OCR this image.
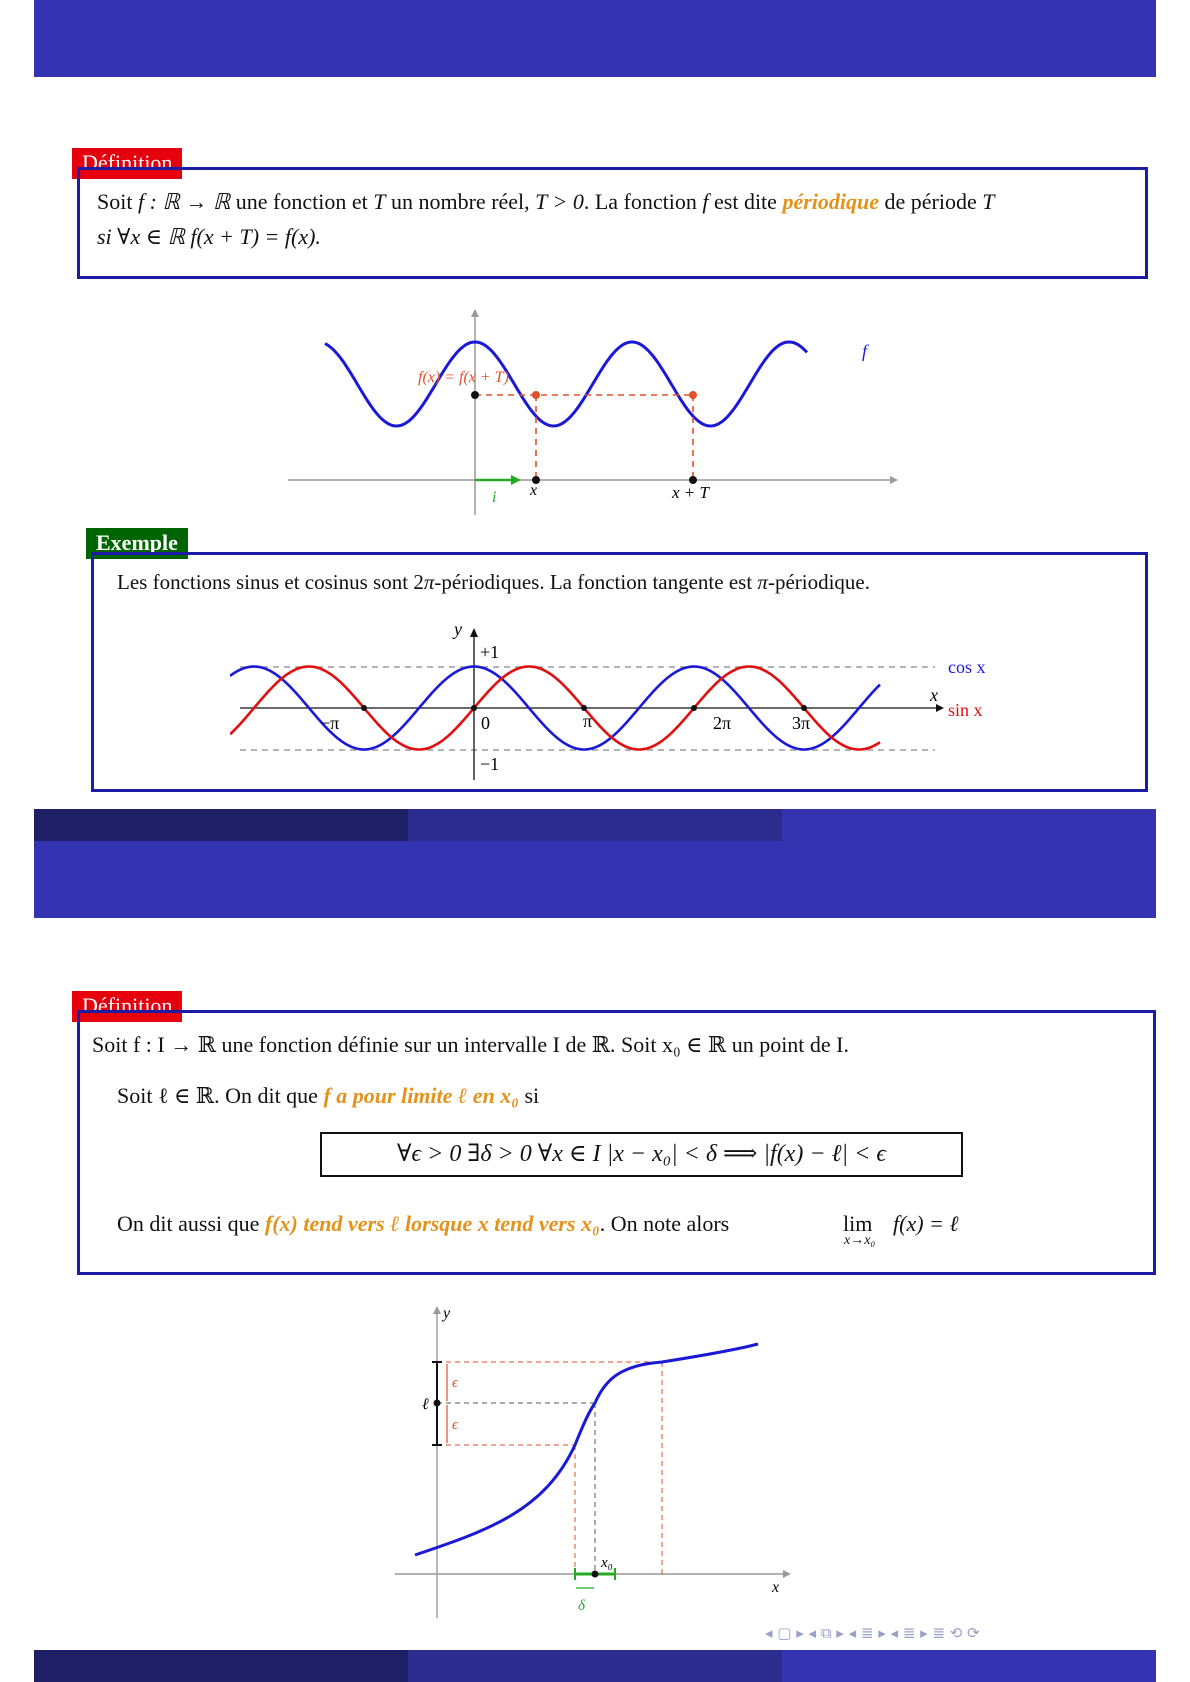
Définition
Soit f : ℝ → ℝ une fonction et T un nombre réel, T > 0. La fonction f est dite périodique de période T
si ∀x ∈ ℝ f(x + T) = f(x).
i⃗ x	x + T
f
f(x) = f(x + T)
Exemple
Les fonctions sinus et cosinus sont 2π-périodiques. La fonction tangente est π-périodique.
y
x
+1
−1
0
−π	π	2π	3π
cos x
sin x
Définition
Soit f : I → ℝ une fonction définie sur un intervalle I de ℝ. Soit x₀ ∈ ℝ un point de I.
Soit ℓ ∈ ℝ. On dit que f a pour limite ℓ en x₀ si
∀ϵ > 0 ∃δ > 0 ∀x ∈ I |x − x₀| < δ ⟹ |f(x) − ℓ| < ϵ
On dit aussi que f(x) tend vers ℓ lorsque x tend vers x₀. On note alors	lim
x→x₀
f(x) = ℓ
y
x
ℓ
ϵ
ϵ
x₀
δ
◂ ▢ ▸ ◂ ⧉ ▸ ◂ ≣ ▸ ◂ ≣ ▸ ≣ ⟲ ⟳
